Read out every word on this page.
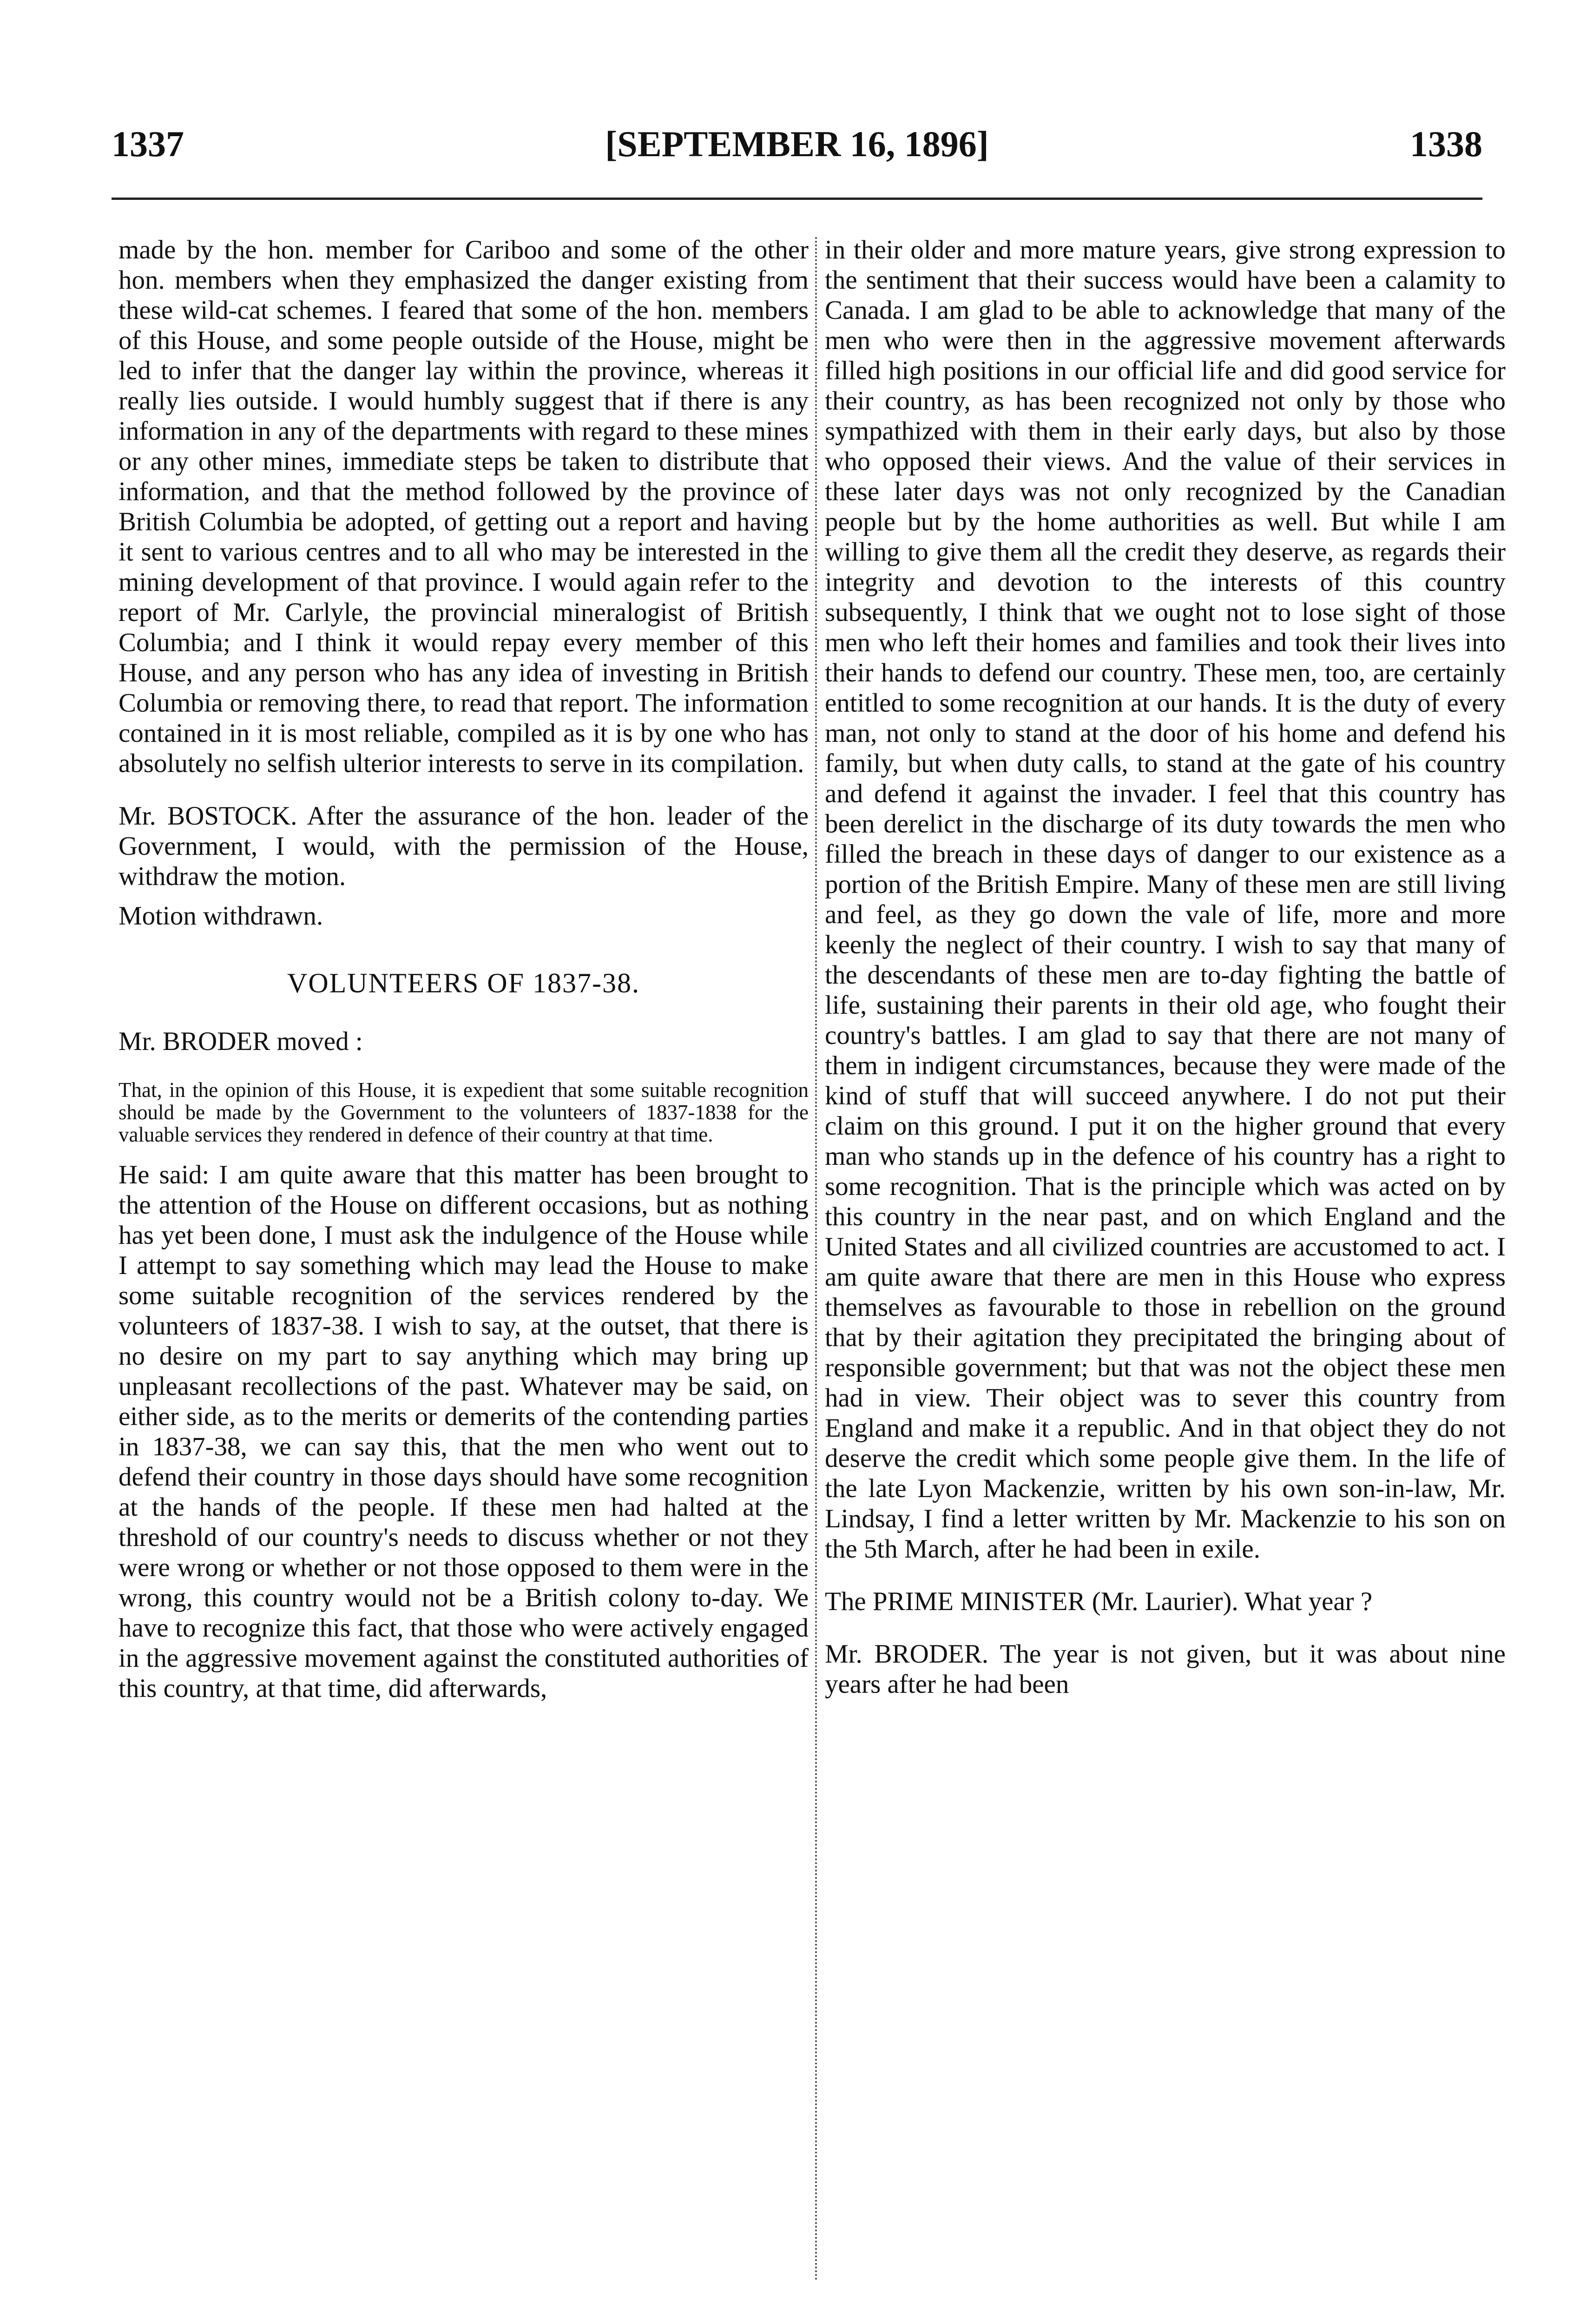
1337	[SEPTEMBER 16, 1896]	1338

made by the hon. member for Cariboo and some of the other hon. members when they emphasized the danger existing from these wild-cat schemes. I feared that some of the hon. members of this House, and some people outside of the House, might be led to infer that the danger lay within the province, whereas it really lies outside. I would humbly suggest that if there is any information in any of the departments with regard to these mines or any other mines, immediate steps be taken to distribute that information, and that the method followed by the province of British Columbia be adopted, of getting out a report and having it sent to various centres and to all who may be interested in the mining development of that province. I would again refer to the report of Mr. Carlyle, the provincial mineralogist of British Columbia; and I think it would repay every member of this House, and any person who has any idea of investing in British Columbia or removing there, to read that report. The information contained in it is most reliable, compiled as it is by one who has absolutely no selfish ulterior interests to serve in its compilation.

Mr. BOSTOCK. After the assurance of the hon. leader of the Government, I would, with the permission of the House, withdraw the motion.

Motion withdrawn.

VOLUNTEERS OF 1837-38.

Mr. BRODER moved :

That, in the opinion of this House, it is expedient that some suitable recognition should be made by the Government to the volunteers of 1837-1838 for the valuable services they rendered in defence of their country at that time.

He said: I am quite aware that this matter has been brought to the attention of the House on different occasions, but as nothing has yet been done, I must ask the indulgence of the House while I attempt to say something which may lead the House to make some suitable recognition of the services rendered by the volunteers of 1837-38. I wish to say, at the outset, that there is no desire on my part to say anything which may bring up unpleasant recollections of the past. Whatever may be said, on either side, as to the merits or demerits of the contending parties in 1837-38, we can say this, that the men who went out to defend their country in those days should have some recognition at the hands of the people. If these men had halted at the threshold of our country's needs to discuss whether or not they were wrong or whether or not those opposed to them were in the wrong, this country would not be a British colony to-day. We have to recognize this fact, that those who were actively engaged in the aggressive movement against the constituted authorities of this country, at that time, did afterwards,

in their older and more mature years, give strong expression to the sentiment that their success would have been a calamity to Canada. I am glad to be able to acknowledge that many of the men who were then in the aggressive movement afterwards filled high positions in our official life and did good service for their country, as has been recognized not only by those who sympathized with them in their early days, but also by those who opposed their views. And the value of their services in these later days was not only recognized by the Canadian people but by the home authorities as well. But while I am willing to give them all the credit they deserve, as regards their integrity and devotion to the interests of this country subsequently, I think that we ought not to lose sight of those men who left their homes and families and took their lives into their hands to defend our country. These men, too, are certainly entitled to some recognition at our hands. It is the duty of every man, not only to stand at the door of his home and defend his family, but when duty calls, to stand at the gate of his country and defend it against the invader. I feel that this country has been derelict in the discharge of its duty towards the men who filled the breach in these days of danger to our existence as a portion of the British Empire. Many of these men are still living and feel, as they go down the vale of life, more and more keenly the neglect of their country. I wish to say that many of the descendants of these men are to-day fighting the battle of life, sustaining their parents in their old age, who fought their country's battles. I am glad to say that there are not many of them in indigent circumstances, because they were made of the kind of stuff that will succeed anywhere. I do not put their claim on this ground. I put it on the higher ground that every man who stands up in the defence of his country has a right to some recognition. That is the principle which was acted on by this country in the near past, and on which England and the United States and all civilized countries are accustomed to act. I am quite aware that there are men in this House who express themselves as favourable to those in rebellion on the ground that by their agitation they precipitated the bringing about of responsible government; but that was not the object these men had in view. Their object was to sever this country from England and make it a republic. And in that object they do not deserve the credit which some people give them. In the life of the late Lyon Mackenzie, written by his own son-in-law, Mr. Lindsay, I find a letter written by Mr. Mackenzie to his son on the 5th March, after he had been in exile.

The PRIME MINISTER (Mr. Laurier). What year ?

Mr. BRODER. The year is not given, but it was about nine years after he had been
